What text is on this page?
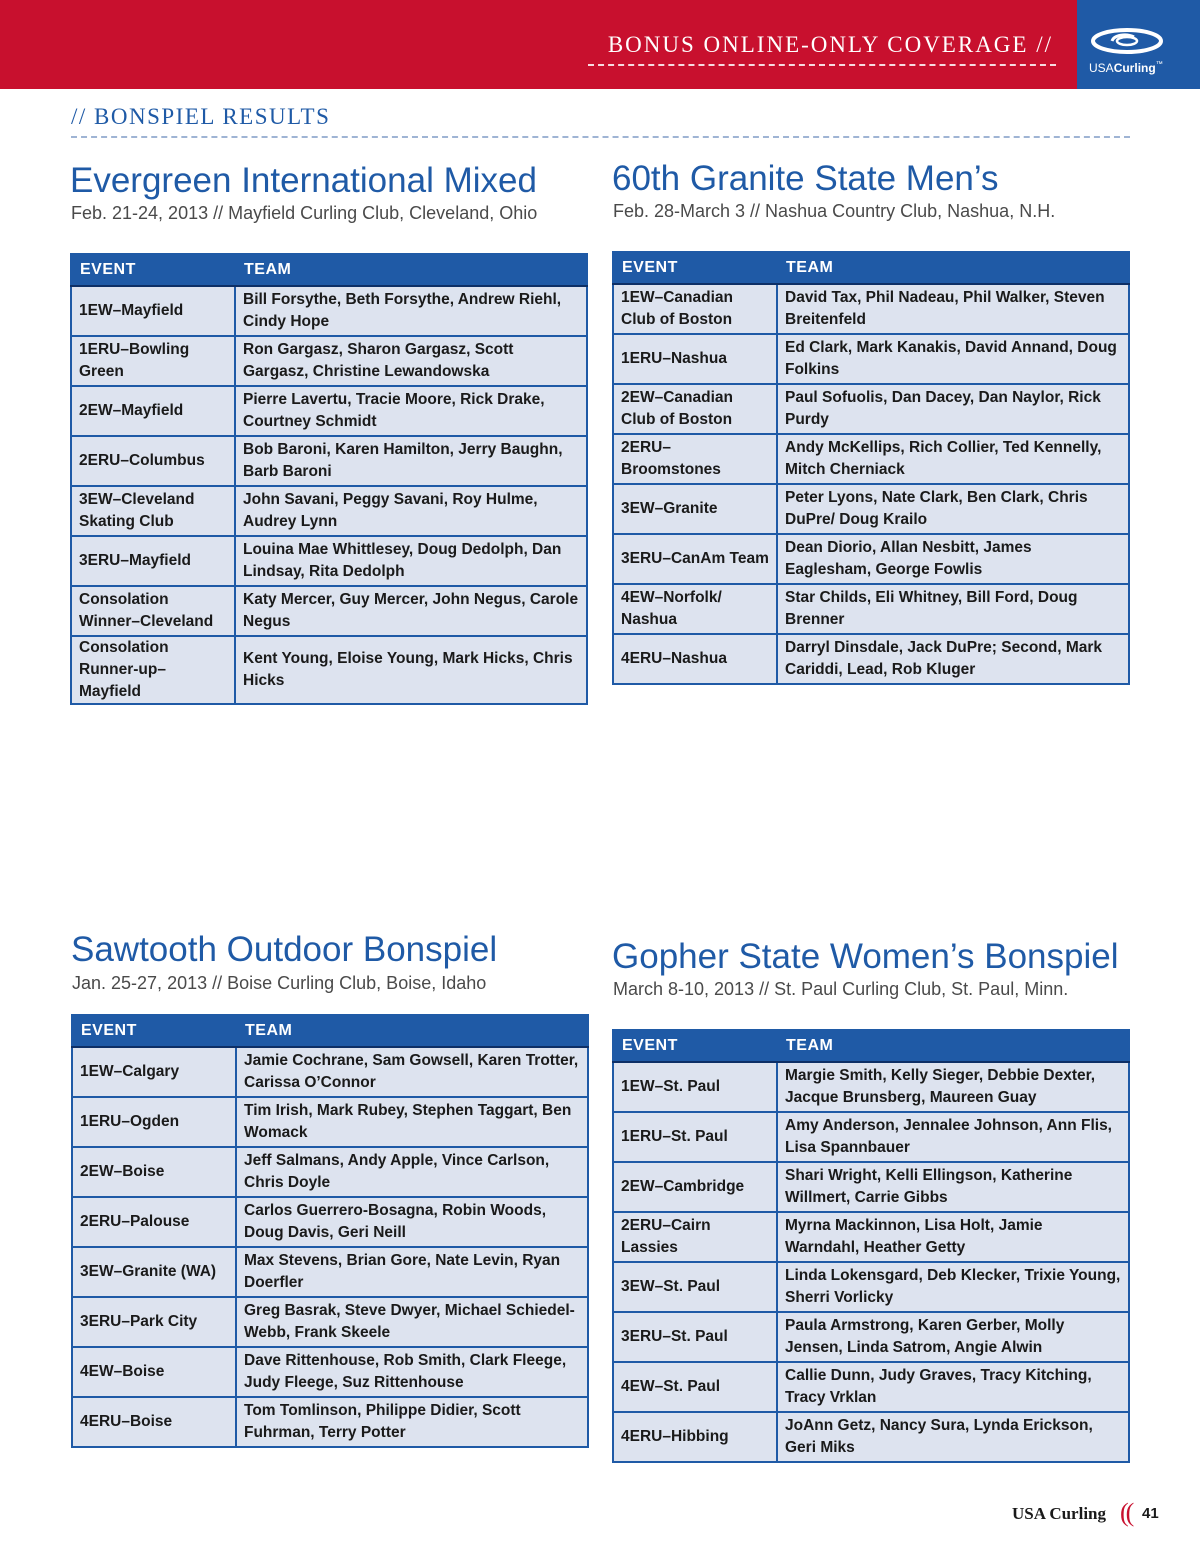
BONUS ONLINE-ONLY COVERAGE //
USACurling™
// BONSPIEL RESULTS
Evergreen International Mixed
Feb. 21-24, 2013 // Mayfield Curling Club, Cleveland, Ohio
EVENT	TEAM
1EW–Mayfield	Bill Forsythe, Beth Forsythe, Andrew Riehl, Cindy Hope
1ERU–Bowling Green	Ron Gargasz, Sharon Gargasz, Scott Gargasz, Christine Lewandowska
2EW–Mayfield	Pierre Lavertu, Tracie Moore, Rick Drake, Courtney Schmidt
2ERU–Columbus	Bob Baroni, Karen Hamilton, Jerry Baughn, Barb Baroni
3EW–Cleveland Skating Club	John Savani, Peggy Savani, Roy Hulme, Audrey Lynn
3ERU–Mayfield	Louina Mae Whittlesey, Doug Dedolph, Dan Lindsay, Rita Dedolph
Consolation Winner–Cleveland	Katy Mercer, Guy Mercer, John Negus, Carole Negus
Consolation Runner-up–Mayfield	Kent Young, Eloise Young, Mark Hicks, Chris Hicks
60th Granite State Men’s
Feb. 28-March 3 // Nashua Country Club, Nashua, N.H.
EVENT	TEAM
1EW–Canadian Club of Boston	David Tax, Phil Nadeau, Phil Walker, Steven Breitenfeld
1ERU–Nashua	Ed Clark, Mark Kanakis, David Annand, Doug Folkins
2EW–Canadian Club of Boston	Paul Sofuolis, Dan Dacey, Dan Naylor, Rick Purdy
2ERU–Broomstones	Andy McKellips, Rich Collier, Ted Kennelly, Mitch Cherniack
3EW–Granite	Peter Lyons, Nate Clark, Ben Clark, Chris DuPre/ Doug Krailo
3ERU–CanAm Team	Dean Diorio, Allan Nesbitt, James Eaglesham, George Fowlis
4EW–Norfolk/ Nashua	Star Childs, Eli Whitney, Bill Ford, Doug Brenner
4ERU–Nashua	Darryl Dinsdale, Jack DuPre; Second, Mark Cariddi, Lead, Rob Kluger
Sawtooth Outdoor Bonspiel
Jan. 25-27, 2013 // Boise Curling Club, Boise, Idaho
EVENT	TEAM
1EW–Calgary	Jamie Cochrane, Sam Gowsell, Karen Trotter, Carissa O’Connor
1ERU–Ogden	Tim Irish, Mark Rubey, Stephen Taggart, Ben Womack
2EW–Boise	Jeff Salmans, Andy Apple, Vince Carlson, Chris Doyle
2ERU–Palouse	Carlos Guerrero-Bosagna, Robin Woods, Doug Davis, Geri Neill
3EW–Granite (WA)	Max Stevens, Brian Gore, Nate Levin, Ryan Doerfler
3ERU–Park City	Greg Basrak, Steve Dwyer, Michael Schiedel-Webb, Frank Skeele
4EW–Boise	Dave Rittenhouse, Rob Smith, Clark Fleege, Judy Fleege, Suz Rittenhouse
4ERU–Boise	Tom Tomlinson, Philippe Didier, Scott Fuhrman, Terry Potter
Gopher State Women’s Bonspiel
March 8-10, 2013 // St. Paul Curling Club, St. Paul, Minn.
EVENT	TEAM
1EW–St. Paul	Margie Smith, Kelly Sieger, Debbie Dexter, Jacque Brunsberg, Maureen Guay
1ERU–St. Paul	Amy Anderson, Jennalee Johnson, Ann Flis, Lisa Spannbauer
2EW–Cambridge	Shari Wright, Kelli Ellingson, Katherine Willmert, Carrie Gibbs
2ERU–Cairn Lassies	Myrna Mackinnon, Lisa Holt, Jamie Warndahl, Heather Getty
3EW–St. Paul	Linda Lokensgard, Deb Klecker, Trixie Young, Sherri Vorlicky
3ERU–St. Paul	Paula Armstrong, Karen Gerber, Molly Jensen, Linda Satrom, Angie Alwin
4EW–St. Paul	Callie Dunn, Judy Graves, Tracy Kitching, Tracy Vrklan
4ERU–Hibbing	JoAnn Getz, Nancy Sura, Lynda Erickson, Geri Miks
USA Curling (( 41
